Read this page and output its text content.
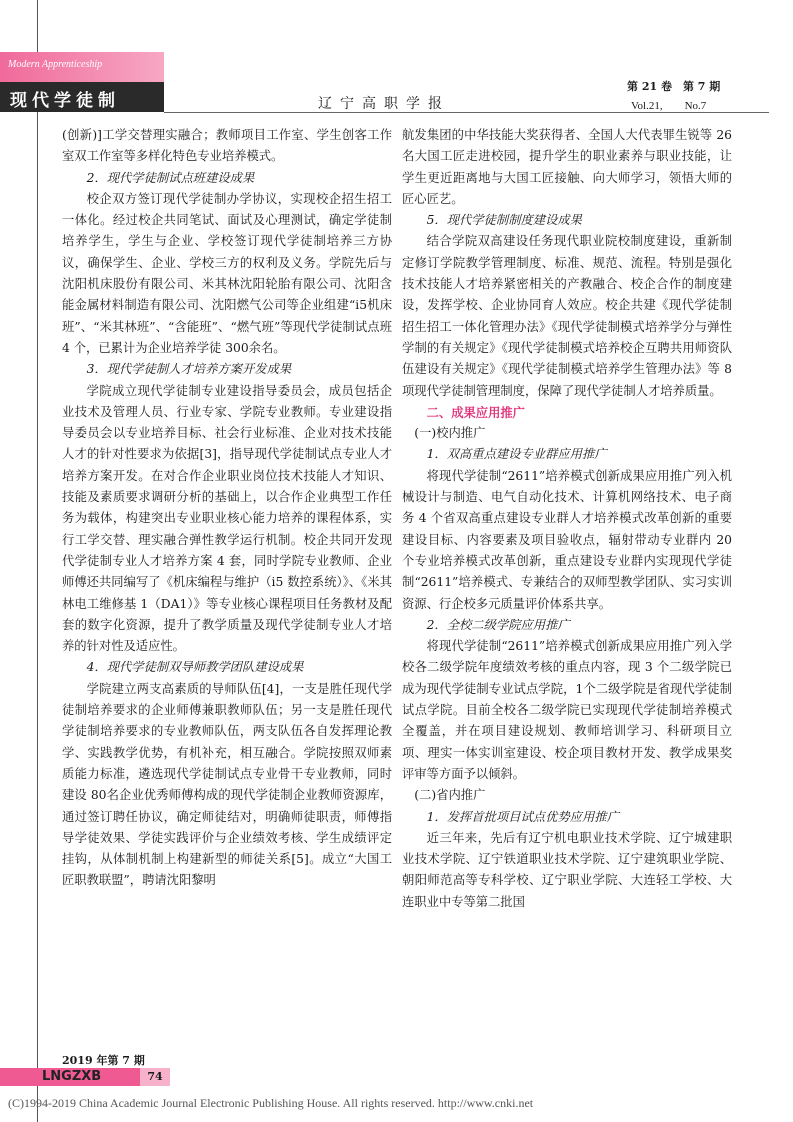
Modern Apprenticeship
现代学徒制	辽宁高职学报
第 21 卷　第 7 期
Vol.21,　　No.7

(创新)]工学交替理实融合；教师项目工作室、学生创客工作室双工作室等多样化特色专业培养模式。

2．现代学徒制试点班建设成果

校企双方签订现代学徒制办学协议，实现校企招生招工一体化。经过校企共同笔试、面试及心理测试，确定学徒制培养学生，学生与企业、学校签订现代学徒制培养三方协议，确保学生、企业、学校三方的权利及义务。学院先后与沈阳机床股份有限公司、米其林沈阳轮胎有限公司、沈阳含能金属材料制造有限公司、沈阳燃气公司等企业组建“i5机床班”、“米其林班”、“含能班”、“燃气班”等现代学徒制试点班 4 个，已累计为企业培养学徒 300余名。

3．现代学徒制人才培养方案开发成果

学院成立现代学徒制专业建设指导委员会，成员包括企业技术及管理人员、行业专家、学院专业教师。专业建设指导委员会以专业培养目标、社会行业标准、企业对技术技能人才的针对性要求为依据[3]，指导现代学徒制试点专业人才培养方案开发。在对合作企业职业岗位技术技能人才知识、技能及素质要求调研分析的基础上，以合作企业典型工作任务为载体，构建突出专业职业核心能力培养的课程体系，实行工学交替、理实融合弹性教学运行机制。校企共同开发现代学徒制专业人才培养方案 4 套，同时学院专业教师、企业师傅还共同编写了《机床编程与维护（i5 数控系统）》、《米其林电工维修基 1（DA1）》等专业核心课程项目任务教材及配套的数字化资源，提升了教学质量及现代学徒制专业人才培养的针对性及适应性。

4．现代学徒制双导师教学团队建设成果

学院建立两支高素质的导师队伍[4]，一支是胜任现代学徒制培养要求的企业师傅兼职教师队伍；另一支是胜任现代学徒制培养要求的专业教师队伍，两支队伍各自发挥理论教学、实践教学优势，有机补充，相互融合。学院按照双师素质能力标准，遴选现代学徒制试点专业骨干专业教师，同时建设 80名企业优秀师傅构成的现代学徒制企业教师资源库，通过签订聘任协议，确定师徒结对，明确师徒职责，师傅指导学徒效果、学徒实践评价与企业绩效考核、学生成绩评定挂钩，从体制机制上构建新型的师徒关系[5]。成立“大国工匠职教联盟”，聘请沈阳黎明

航发集团的中华技能大奖获得者、全国人大代表罪生锐等 26 名大国工匠走进校园，提升学生的职业素养与职业技能，让学生更近距离地与大国工匠接触、向大师学习，领悟大师的匠心匠艺。

5．现代学徒制制度建设成果

结合学院双高建设任务现代职业院校制度建设，重新制定修订学院教学管理制度、标准、规范、流程。特别是强化技术技能人才培养紧密相关的产教融合、校企合作的制度建设，发挥学校、企业协同育人效应。校企共建《现代学徒制招生招工一体化管理办法》《现代学徒制模式培养学分与弹性学制的有关规定》《现代学徒制模式培养校企互聘共用师资队伍建设有关规定》《现代学徒制模式培养学生管理办法》等 8 项现代学徒制管理制度，保障了现代学徒制人才培养质量。

二、成果应用推广

(一)校内推广

1．双高重点建设专业群应用推广

将现代学徒制“2611”培养模式创新成果应用推广列入机械设计与制造、电气自动化技术、计算机网络技术、电子商务 4 个省双高重点建设专业群人才培养模式改革创新的重要建设目标、内容要素及项目验收点，辐射带动专业群内 20 个专业培养模式改革创新，重点建设专业群内实现现代学徒制“2611”培养模式、专兼结合的双师型教学团队、实习实训资源、行企校多元质量评价体系共享。

2．全校二级学院应用推广

将现代学徒制“2611”培养模式创新成果应用推广列入学校各二级学院年度绩效考核的重点内容，现 3 个二级学院已成为现代学徒制专业试点学院，1个二级学院是省现代学徒制试点学院。目前全校各二级学院已实现现代学徒制培养模式全覆盖，并在项目建设规划、教师培训学习、科研项目立项、理实一体实训室建设、校企项目教材开发、教学成果奖评审等方面予以倾斜。

(二)省内推广

1．发挥首批项目试点优势应用推广

近三年来，先后有辽宁机电职业技术学院、辽宁城建职业技术学院、辽宁铁道职业技术学院、辽宁建筑职业学院、朝阳师范高等专科学校、辽宁职业学院、大连轻工学校、大连职业中专等第二批国

2019 年第 7 期
LNGZXB	74
(C)1994-2019 China Academic Journal Electronic Publishing House. All rights reserved. http://www.cnki.net
